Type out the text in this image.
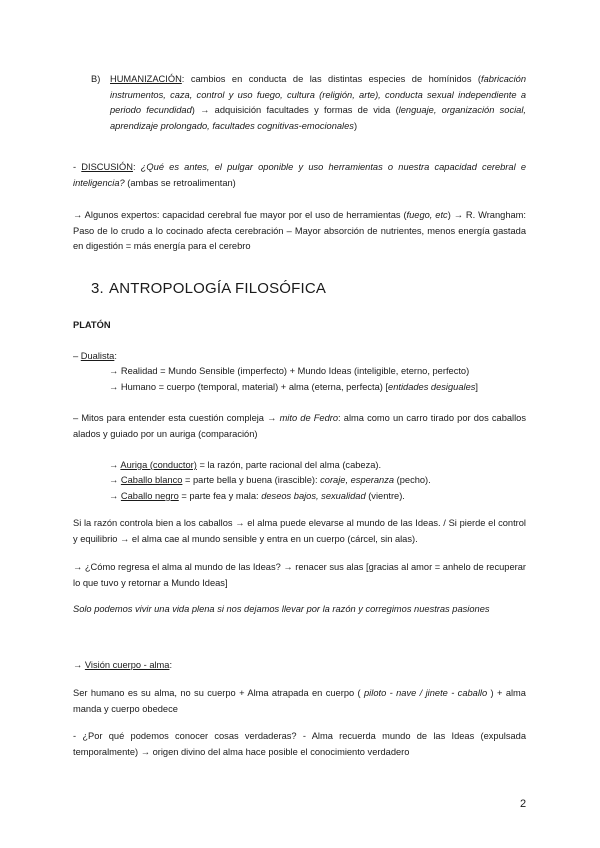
B) HUMANIZACIÓN: cambios en conducta de las distintas especies de homínidos (fabricación instrumentos, caza, control y uso fuego, cultura (religión, arte), conducta sexual independiente a periodo fecundidad) → adquisición facultades y formas de vida (lenguaje, organización social, aprendizaje prolongado, facultades cognitivas-emocionales)
- DISCUSIÓN: ¿Qué es antes, el pulgar oponible y uso herramientas o nuestra capacidad cerebral e inteligencia? (ambas se retroalimentan)
→ Algunos expertos: capacidad cerebral fue mayor por el uso de herramientas (fuego, etc) → R. Wrangham: Paso de lo crudo a lo cocinado afecta cerebración – Mayor absorción de nutrientes, menos energía gastada en digestión = más energía para el cerebro
3. ANTROPOLOGÍA FILOSÓFICA
PLATÓN
– Dualista:
→ Realidad = Mundo Sensible (imperfecto) + Mundo Ideas (inteligible, eterno, perfecto)
→ Humano = cuerpo (temporal, material) + alma (eterna, perfecta) [entidades desiguales]
– Mitos para entender esta cuestión compleja → mito de Fedro: alma como un carro tirado por dos caballos alados y guiado por un auriga (comparación)
→ Auriga (conductor) = la razón, parte racional del alma (cabeza).
→ Caballo blanco = parte bella y buena (irascible): coraje, esperanza (pecho).
→ Caballo negro = parte fea y mala: deseos bajos, sexualidad (vientre).
Si la razón controla bien a los caballos → el alma puede elevarse al mundo de las Ideas. / Si pierde el control y equilibrio → el alma cae al mundo sensible y entra en un cuerpo (cárcel, sin alas).
→ ¿Cómo regresa el alma al mundo de las Ideas? → renacer sus alas [gracias al amor = anhelo de recuperar lo que tuvo y retornar a Mundo Ideas]
Solo podemos vivir una vida plena si nos dejamos llevar por la razón y corregimos nuestras pasiones
→ Visión cuerpo - alma:
Ser humano es su alma, no su cuerpo + Alma atrapada en cuerpo ( piloto - nave / jinete - caballo ) + alma manda y cuerpo obedece
- ¿Por qué podemos conocer cosas verdaderas? - Alma recuerda mundo de las Ideas (expulsada temporalmente) → origen divino del alma hace posible el conocimiento verdadero
2
